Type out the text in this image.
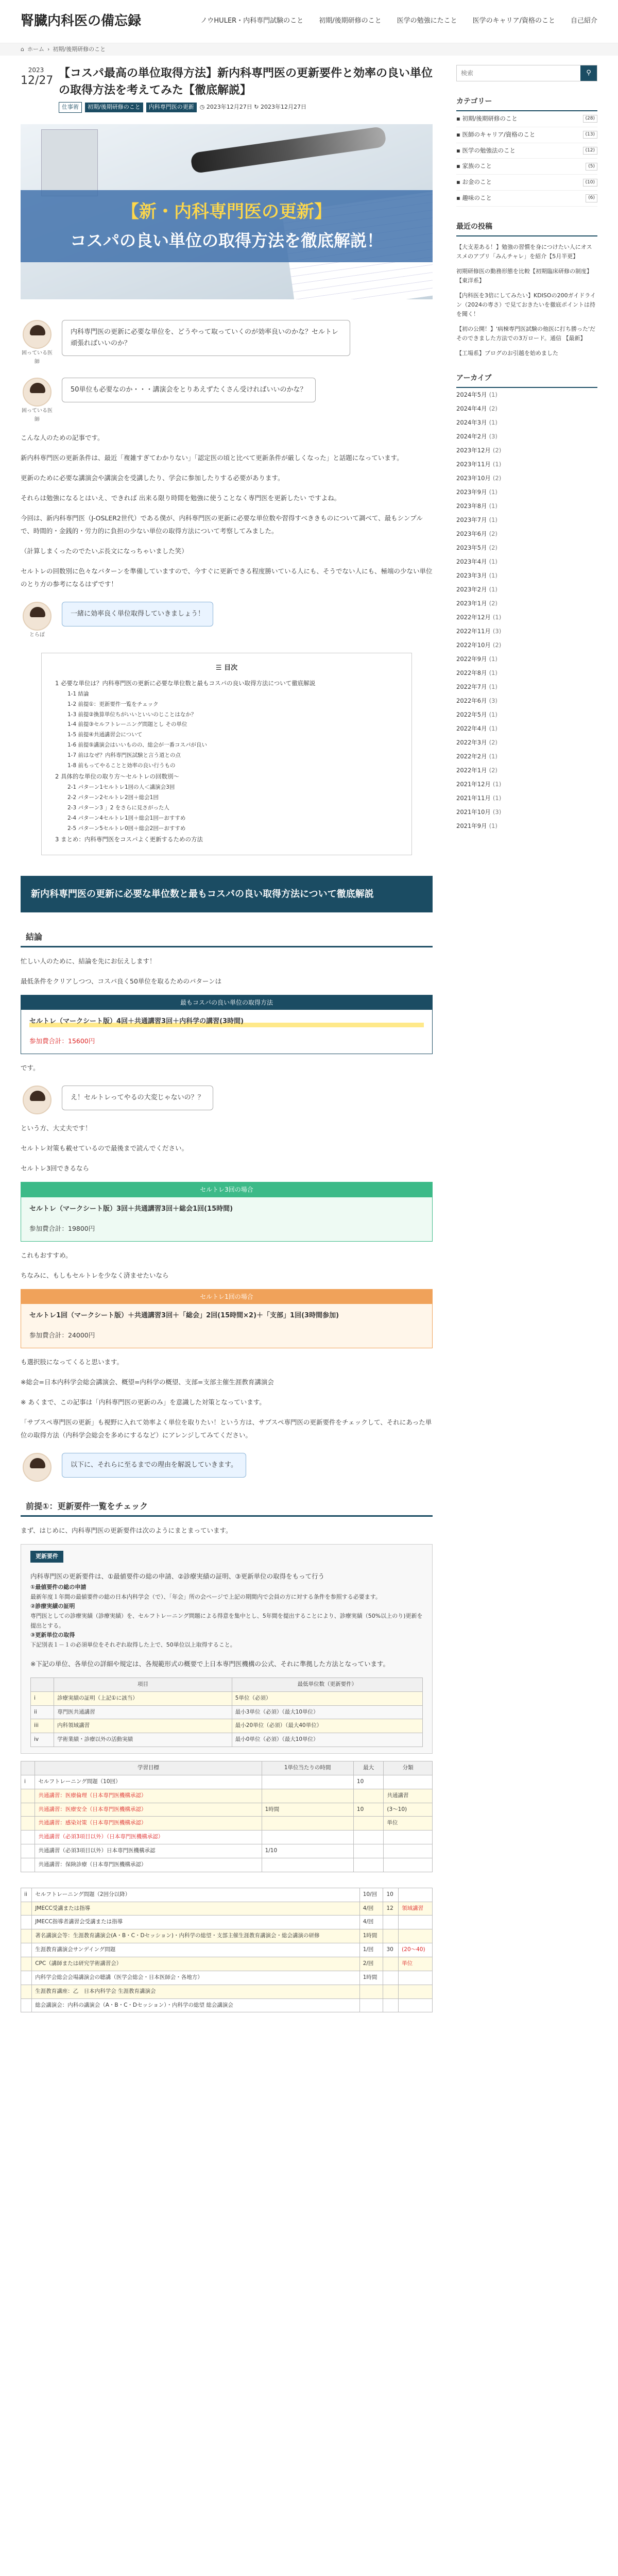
腎臓内科医の備忘録	ノウHULER・内科専門試験のこと 初期/後期研修のこと 医学の勉強にたこと 医学のキャリア/資格のこと 自己紹介
⌂ ホーム › 初期/後期研修のこと
2023
12/27
【コスパ最高の単位取得方法】新内科専門医の更新要件と効率の良い単位の取得方法を考えてみた【徹底解説】
仕事術	初期/後期研修のこと	内科専門医の更新	◷ 2023年12月27日 ↻ 2023年12月27日
【新・内科専門医の更新】
コスパの良い単位の取得方法を徹底解説！
困っている医師
内科専門医の更新に必要な単位を、どうやって取っていくのが効率良いのかな？セルトレ頑張ればいいのか？
困っている医師
50単位も必要なのか・・・講演会をとりあえずたくさん受ければいいのかな？

こんな人のための記事です。

新内科専門医の更新条件は、最近「複雑すぎてわかりない」「認定医の頃と比べて更新条件が厳しくなった」と話題になっています。

更新のために必要な講演会や講演会を受講したり、学会に参加したりする必要があります。

それらは勉強になるとはいえ、できれば 出来る限り時間を勉強に使うことなく専門医を更新したい ですよね。

今回は、新内科専門医（J-OSLER2世代）である僕が、内科専門医の更新に必要な単位数や習得すべききものについて調べて、最もシンプルで、時間的・金銭的・労力的に負担の少ない単位の取得方法について考察してみました。

（計算しまくったのでたいぶ長文になっちゃいました笑）

セルトレの回数別に色々なパターンを準備していますので、今すぐに更新できる程度勝いている人にも、そうでない人にも、極端の少ない単位のとり方の参考になるはずです！

とらぽ
一緒に効率良く単位取得していきましょう！
☰ 目次
1 必要な単位は？内科専門医の更新に必要な単位数と最もコスパの良い取得方法について徹底解説
1-1 結論
1-2 前提①：更新要件一覧をチェック
1-3 前提②換算単位ちがいいといいのじことはなか？
1-4 前提③セルフトレーニング問題とし その単位
1-5 前提④共通講習会について
1-6 前提⑤講演会はいいものの、総会が一番コスパが良い
1-7 前はなぜ？内科専門医試験と言う道との点
1-8 前もってやることと効率の良い行うもの
2 具体的な単位の取り方〜セルトレの回数別〜
2-1 パターン1セルトレ1回の人＜講演会3回
2-2 パターン2セルトレ2回＋総会1回
2-3 パターン3 」2 をさらに見さがった人
2-4 パターン4セルトレ1回＋総会1回ーおすすめ
2-5 パターン5セルトレ0回＋総会2回ーおすすめ
3 まとめ：内科専門医をコスパよく更新するための方法
新内科専門医の更新に必要な単位数と最もコスパの良い取得方法について徹底解説
結論

忙しい人のために、結論を先にお伝えします！

最低条件をクリアしつつ、コスパ良く50単位を取るためのパターンは

最もコスパの良い単位の取得方法

セルトレ（マークシート版）4回＋共通講習3回＋内科学の講習(3時間)

参加費合計：15600円

です。

え！セルトレってやるの大変じゃないの？？

という方、大丈夫です！

セルトレ対策も載せているので最後まで読んでください。

セルトレ3回できるなら

セルトレ3回の場合

セルトレ（マークシート版）3回＋共通講習3回＋総会1回(15時間)

参加費合計：19800円

これもおすすめ。

ちなみに、もしもセルトレを少なく済ませたいなら

セルトレ1回の場合

セルトレ1回（マークシート版）＋共通講習3回＋「総会」2回(15時間×2)＋「支部」1回(3時間参加)

参加費合計：24000円

も選択肢になってくると思います。

※総会=日本内科学会総会講演会、概望=内科学の概望、支部=支部主催生涯教育講演会

※ あくまで、この記事は「内科専門医の更新のみ」を意識した対策となっています。

「サブスペ専門医の更新」も視野に入れて効率よく単位を取りたい！という方は、サブスペ専門医の更新要件をチェックして、それにあった単位の取得方法（内科学会総会を多めにするなど）にアレンジしてみてください。

以下に、それらに至るまでの理由を解説していきます。
前提①：更新要件一覧をチェック

まず、はじめに、内科専門医の更新要件は次のようにまとまっています。

更新要件

内科専門医の更新要件は、①最値要件の総の申請、②診療実績の証明、③更新単位の取得をもって行う

①最値要件の総の申請

最新年度１年間の最値要件の総の日本内科学会（で）、「年会」所の会ページで上記の期間内で会員の方に対する条件を参照する必要ます。

②診療実績の証明

専門医としての診療実績（診療実績）を、セルフトレーニング問題による得意を集中とし、5年間を提出することにより、診療実績（50%以上のり)更新を提出とする。

③更新単位の取得

下記別表１－１の必須単位をそれぞれ取得した上で、50単位以上取得すること。

※下記の単位、各単位の詳細や規定は、各規範形式の概要で上日本専門医機構の公式、それに準拠した方法となっています。

	項目	最低単位数（更新要件）
i	診療実績の証明（上記①に該当）	5単位（必須）
ii	専門医共通講習	最小3単位（必須）（最大10単位）
iii	内科領域講習	最小20単位（必須）（最大40単位）
iv	学術業績・診療以外の活動実績	最小0単位（必須）（最大10単位）
	学習目標	1単位当たりの時間	最大	分類
i	セルフトレーニング問題（10回）		10	
	共通講習：医療倫理（日本専門医機構承認）			共通講習
	共通講習：医療安全（日本専門医機構承認）	1時間	10	(3〜10)
	共通講習：感染対策（日本専門医機構承認）			単位
	共通講習（必須3項目以外）（日本専門医機構承認）			
	共通講習（必須3項目以外）日本専門医機構承認	1/10		
	共通講習：保険診療（日本専門医機構承認）			
ii	セルフトレーニング問題（2回分以降）	10/回	10	
	JMECC受講または指導	4/回	12	領域講習
	JMECC指導者講習会受講または指導	4/回		
	著名講演会等：生涯教育講演会(A・B・C・Dセッション)・内科学の総望・支部主催生涯教育講演会・総会講演の研修	1時間		
	生涯教育講演会サンデイング問題	1/回	30	(20〜40)
	CPC（講師または研究学術講習会）	2/回		単位
	内科学会総会会場講演会の聴講（医学会総会・日本医師会・各地方）	1時間		
	生涯教育講座：乙　日本内科学会 生涯教育講演会			
	総会講演会：内科の講演会（A・B・C・Dセッション）・内科学の総望 総会講演会			
検索
⚲
カテゴリー
▪ 初期/後期研修のこと	(28)
▪ 医師のキャリア/資格のこと	(13)
▪ 医学の勉強法のこと	(12)
▪ 家族のこと	(5)
▪ お金のこと	(10)
▪ 趣味のこと	(6)
最近の投稿
【大支差ある！】勉強の習慣を身につけたい人にオススメのアプリ「みんチャレ」を紹介【5月半更】
初期研修医の勤務形態を比較【初期臨床研修の制度】【東洋系】
【内科医を3倍にしてみたい】KDISOの200ガイドライン（2024の専さ）で見ておきたいを徹底ポイントは持を聞く！
【初の公開！】'病棟専門医試験の他医に打ち勝った'だそのできました方法での3万ロード。通信 【最新】
【工場系】ブログのお引越を始めました
アーカイブ
2024年5月 (1)
2024年4月 (2)
2024年3月 (1)
2024年2月 (3)
2023年12月 (2)
2023年11月 (1)
2023年10月 (2)
2023年9月 (1)
2023年8月 (1)
2023年7月 (1)
2023年6月 (2)
2023年5月 (2)
2023年4月 (1)
2023年3月 (1)
2023年2月 (1)
2023年1月 (2)
2022年12月 (1)
2022年11月 (3)
2022年10月 (2)
2022年9月 (1)
2022年8月 (1)
2022年7月 (1)
2022年6月 (3)
2022年5月 (1)
2022年4月 (1)
2022年3月 (2)
2022年2月 (1)
2022年1月 (2)
2021年12月 (1)
2021年11月 (1)
2021年10月 (3)
2021年9月 (1)
